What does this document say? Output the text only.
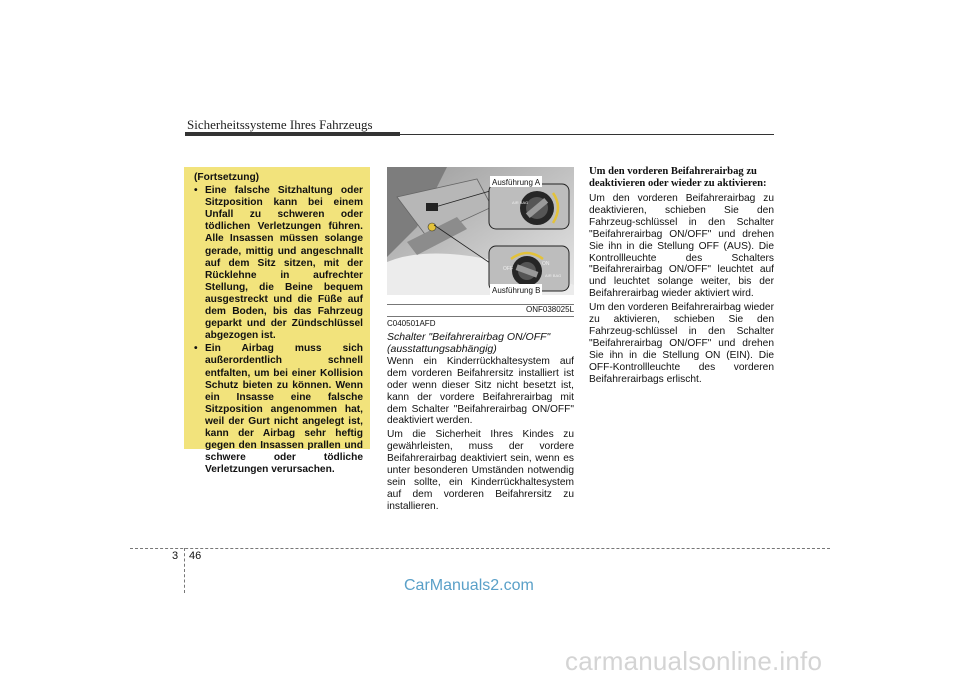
Sicherheitssysteme Ihres Fahrzeugs
(Fortsetzung)
• Eine falsche Sitzhaltung oder Sitzposition kann bei einem Unfall zu schweren oder tödlichen Verletzungen führen. Alle Insassen müssen solange gerade, mittig und angeschnallt auf dem Sitz sitzen, mit der Rücklehne in aufrechter Stellung, die Beine bequem ausgestreckt und die Füße auf dem Boden, bis das Fahrzeug geparkt und der Zündschlüssel abgezogen ist.
• Ein Airbag muss sich außerordentlich schnell entfalten, um bei einer Kollision Schutz bieten zu können. Wenn ein Insasse eine falsche Sitzposition angenommen hat, weil der Gurt nicht angelegt ist, kann der Airbag sehr heftig gegen den Insassen prallen und schwere oder tödliche Verletzungen verursachen.
AIR BAG
OFF
ON
AIR BAG
Ausführung A
Ausführung B
ONF038025L
C040501AFD
Schalter "Beifahrerairbag ON/OFF" (ausstattungsabhängig)

Wenn ein Kinderrückhaltesystem auf dem vorderen Beifahrersitz installiert ist oder wenn dieser Sitz nicht besetzt ist, kann der vordere Beifahrerairbag mit dem Schalter "Beifahrerairbag ON/OFF" deaktiviert werden.

Um die Sicherheit Ihres Kindes zu gewährleisten, muss der vordere Beifahrerairbag deaktiviert sein, wenn es unter besonderen Umständen notwendig sein sollte, ein Kinderrückhaltesystem auf dem vorderen Beifahrersitz zu installieren.

Um den vorderen Beifahrerairbag zu deaktivieren oder wieder zu aktivieren:

Um den vorderen Beifahrerairbag zu deaktivieren, schieben Sie den Fahrzeug-schlüssel in den Schalter "Beifahrerairbag ON/OFF" und drehen Sie ihn in die Stellung OFF (AUS). Die Kontrollleuchte des Schalters "Beifahrerairbag ON/OFF" leuchtet auf und leuchtet solange weiter, bis der Beifahrerairbag wieder aktiviert wird.

Um den vorderen Beifahrerairbag wieder zu aktivieren, schieben Sie den Fahrzeug-schlüssel in den Schalter "Beifahrerairbag ON/OFF" und drehen Sie ihn in die Stellung ON (EIN). Die OFF-Kontrollleuchte des vorderen Beifahrerairbags erlischt.

3 46
CarManuals2.com
carmanualsonline.info
